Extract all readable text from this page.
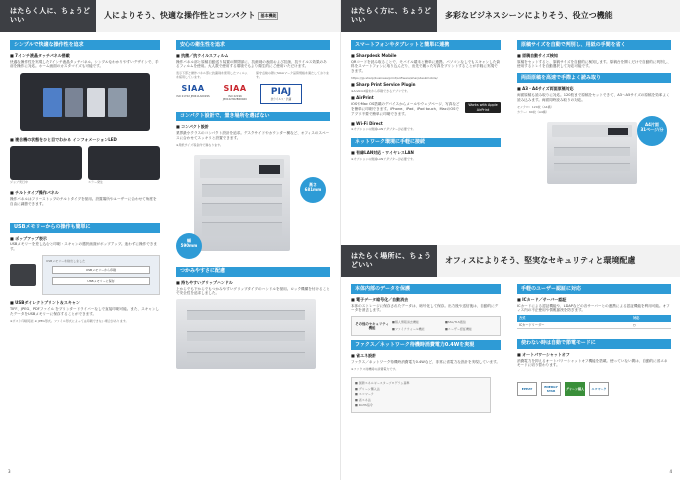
はたらく人に、ちょうどいい
人によりそう、快適な操作性とコンパクト	基本機能
シンプルで快適な操作性を追求
■ 7インチ液晶タッチパネル搭載
快適な操作性を実現した7インチ液晶タッチパネル。シンプルなわかりやすいデザインで、手前を操作に対応。ホーム画面のカスタマイズも可能です。
■ 複合機の状態をひと目でわかる インフォメーションLED
ジョブ実行中	エラー発生
■ チルトタイプ操作パネル
操作パネルはフリーストップのチルトタイプを採用。設置場所やユーザーに合わせて角度を自由に調節できます。
USBメモリーからの操作も簡単に
■ ポップアップ表示
USBメモリーを差し込むと印刷・スキャンの選択画面がポップアップ。迷わずに操作できます。
USBメモリーを検出しました
USBメモリーから印刷
USBメモリーに保存
■ USBダイレクトプリント＆スキャン
TIFF、JPEG、PDFファイル をプリンタードライバーなしで直接印刷可能。また、スキャンしたデータをUSBメモリーに保存することができます。
※ポスト印刷可能 ※ JPEG形式。ファイル形式によっては印刷できない場合があります。
安心の衛生性を追求
■ 抗菌／抗ウイルスフィルム
操作パネル部と原稿自動送り装置の開閉部に、抗菌剤の表面および抗菌、抗ウイルス効果のあるフィルムを使用。大人数で使用する環境でもより衛生的にご使用いただけます。
表示下部と操作パネル部に抗菌剤を使用したフィルムを採用しています。
保守点検の際にSIAAマーク品質規格を満たしております。
SIAA
ISO 21702 JP0611A0029S
SIAA
ISO 22196 JP0122302B0046U
PIAJ
抗ウイルス・抗菌
コンパクト設計で、置き場所を選ばない
■ コンパクト設計
業界最小クラスのコンパクト設計を追求。デスクサイドやカウンター横など、オフィスのスペースに合わせてスッキリと設置できます。
※用紙サイズ等条件で異なります。
高さ
681mm
幅
590mm
つかみやすさに配慮
■ 持ちやすいグリップハンドル
上からでも下からでもつかみやすいグリップタイプのハンドルを採用。ロック機構を付けることで安全性を追求しました。
3
はたらく方に、ちょうどいい
多彩なビジネスシーンによりそう、役立つ機能
スマートフォンやタブレットと簡単に連携
■ Sharpdesk Mobile
QRコードを読み取ることで、モバイル端末と簡単に連携。パソコンなしでもスキャンした資料をスマートフォンに取り込んだり、出先で撮った写真をプリントすることが手軽に実現できます。
https://jp.sharp/business/print/software/sharpdeskmobile/
■ Sharp Print Service Plugin
※Android端末から印刷できるアプリです。
■ AirPrint
iOSやMac OS搭載のデバイスからメールやウェブページ、写真などを簡単に印刷できます。iPhone、iPad、iPod touch、MacのOSでアプリ不要で簡単に印刷できます。
Works with Apple AirPrint
■ Wi-Fi Direct
※オプションの無線LANアダプターが必要です。
ネットワーク環境に手軽に接続
■ 有線LAN対応・ワイヤレスLAN
※オプションの無線LANアダプターが必要です。
原稿サイズを自動で判別し、用紙の手間を省く
■ 原稿自動サイズ検知
原稿をセットすると、原稿サイズを自動的に検知します。原稿台を開くだけで自動的に判別し、使用するトレイを自動選択して対応可能です。
両面原稿を高速で手際よく読み取り
■ A3・A4サイズ両面原稿対応
両面原稿も読み取りに対応。120枚まで原稿をセットできて、A3〜A5サイズの原稿を効率よく読み込みます。両面同時読み取りの対応。
モノクロ：120枚（A4横）
カラー：60枚（A4横）
A4片面
31ページ/分
はたらく場所に、ちょうどいい
オフィスによりそう、堅実なセキュリティと環境配慮
本体内部のデータを保護
■ 電子データ暗号化／自動消去
本体のストレージに保存されたデータは、暗号化して保存。出力後や送信後は、自動的にデータを消去します。
その他のセキュリティ機能
■個人情報消去機能	■SSL/TLS通信
■ファイアウォール機能	■ユーザー認証機能
ファクス／ネットワーク待機時消費電力0.4Wを実現
■ 省エネ設計
ファクス／ネットワーク待機時消費電力0.4Wなど、非常に省電力な設計を実現しています。
※ファクス待機時の消費電力です。
■ 国際エネルギースタープログラム基準
■ グリーン購入法
■ エコマーク
■ 省エネ法
■ RoHS指令
手軽のユーザー認証に対応
■ ICカード／サーバー認証
ICカードによる認証機能や、LDAPなどの各サーバーとの連携による認証機能を利用可能。オフィス内の不正使用や情報漏洩を防ぎます。
方式	対応
ICカードリーダー	○
使わない時は自動で節電モードに
■ オートパワーシャットオフ
消費電力を抑えるオートパワーシャットオフ機能を搭載。使っていない間は、自動的に省エネモードに切り替わります。
EPEAT
ENERGY STAR
グリーン購入	エコマーク
4
